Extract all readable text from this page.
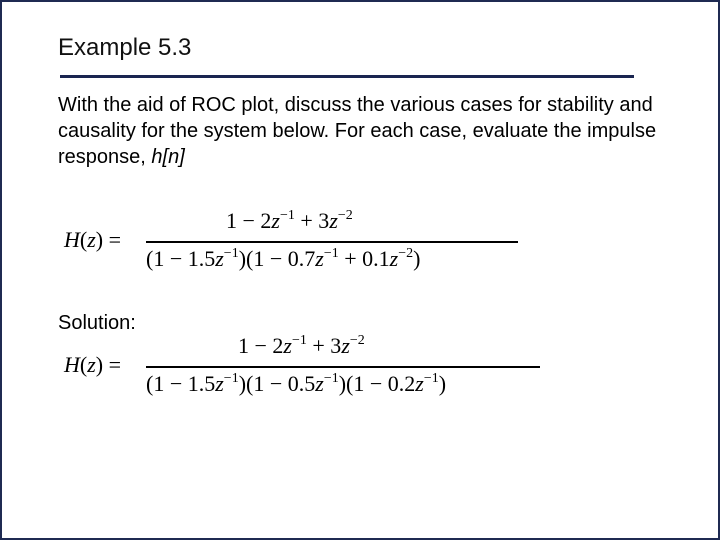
Example 5.3
With the aid of ROC plot, discuss the various cases for stability and causality for the system below. For each case, evaluate the impulse response, h[n]
H(z) =
$1 - 2z^{-1} + 3z^{-2}$
$(1 - 1.5z^{-1})(1 - 0.7z^{-1} + 0.1z^{-2})$
Solution:
H(z) =
$1 - 2z^{-1} + 3z^{-2}$
$(1 - 1.5z^{-1})(1 - 0.5z^{-1})(1 - 0.2z^{-1})$
